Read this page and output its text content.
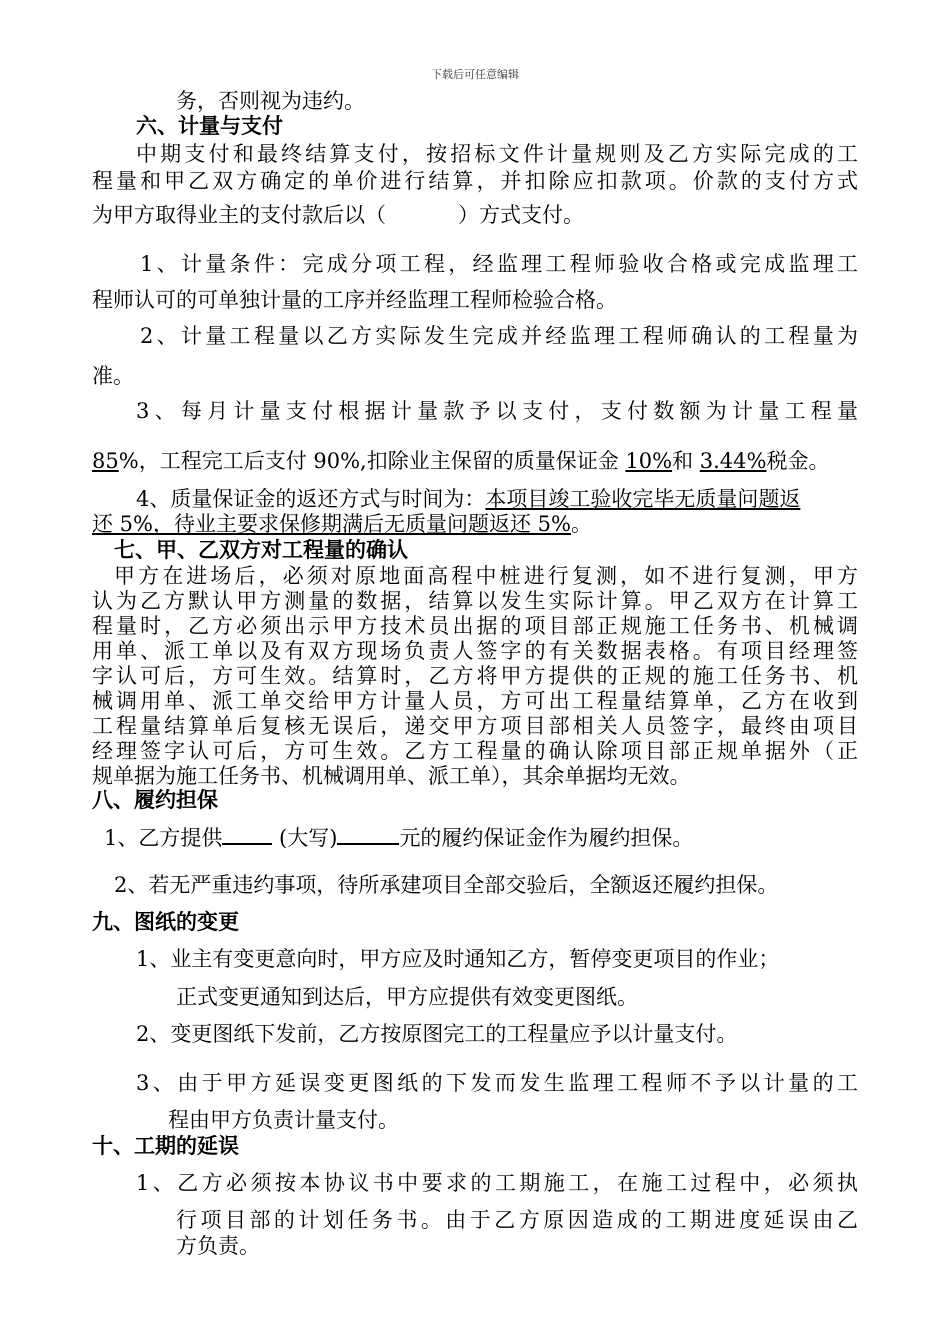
下载后可任意编辑
务，否则视为违约。
六、计量与支付
中期支付和最终结算支付，按招标文件计量规则及乙方实际完成的工
程量和甲乙双方确定的单价进行结算，并扣除应扣款项。价款的支付方式
为甲方取得业主的支付款后以（	）方式支付。
1、计量条件：完成分项工程，经监理工程师验收合格或完成监理工
程师认可的可单独计量的工序并经监理工程师检验合格。
2、计量工程量以乙方实际发生完成并经监理工程师确认的工程量为
准。
3、每月计量支付根据计量款予以支付，支付数额为计量工程量
85%，工程完工后支付 90%,扣除业主保留的质量保证金 10%和 3.44%税金。
4、质量保证金的返还方式与时间为：本项目竣工验收完毕无质量问题返
还 5%，待业主要求保修期满后无质量问题返还 5%。
七、甲、乙双方对工程量的确认
甲方在进场后，必须对原地面高程中桩进行复测，如不进行复测，甲方
认为乙方默认甲方测量的数据，结算以发生实际计算。甲乙双方在计算工
程量时，乙方必须出示甲方技术员出据的项目部正规施工任务书、机械调
用单、派工单以及有双方现场负责人签字的有关数据表格。有项目经理签
字认可后，方可生效。结算时，乙方将甲方提供的正规的施工任务书、机
械调用单、派工单交给甲方计量人员，方可出工程量结算单，乙方在收到
工程量结算单后复核无误后，递交甲方项目部相关人员签字，最终由项目
经理签字认可后，方可生效。乙方工程量的确认除项目部正规单据外（正
规单据为施工任务书、机械调用单、派工单），其余单据均无效。
八、履约担保
1、乙方提供 (大写)	元的履约保证金作为履约担保。
2、若无严重违约事项，待所承建项目全部交验后，全额返还履约担保。
九、图纸的变更
1、业主有变更意向时，甲方应及时通知乙方，暂停变更项目的作业；
正式变更通知到达后，甲方应提供有效变更图纸。
2、变更图纸下发前，乙方按原图完工的工程量应予以计量支付。
3、由于甲方延误变更图纸的下发而发生监理工程师不予以计量的工
程由甲方负责计量支付。
十、工期的延误
1、乙方必须按本协议书中要求的工期施工，在施工过程中，必须执
行项目部的计划任务书。由于乙方原因造成的工期进度延误由乙
方负责。
